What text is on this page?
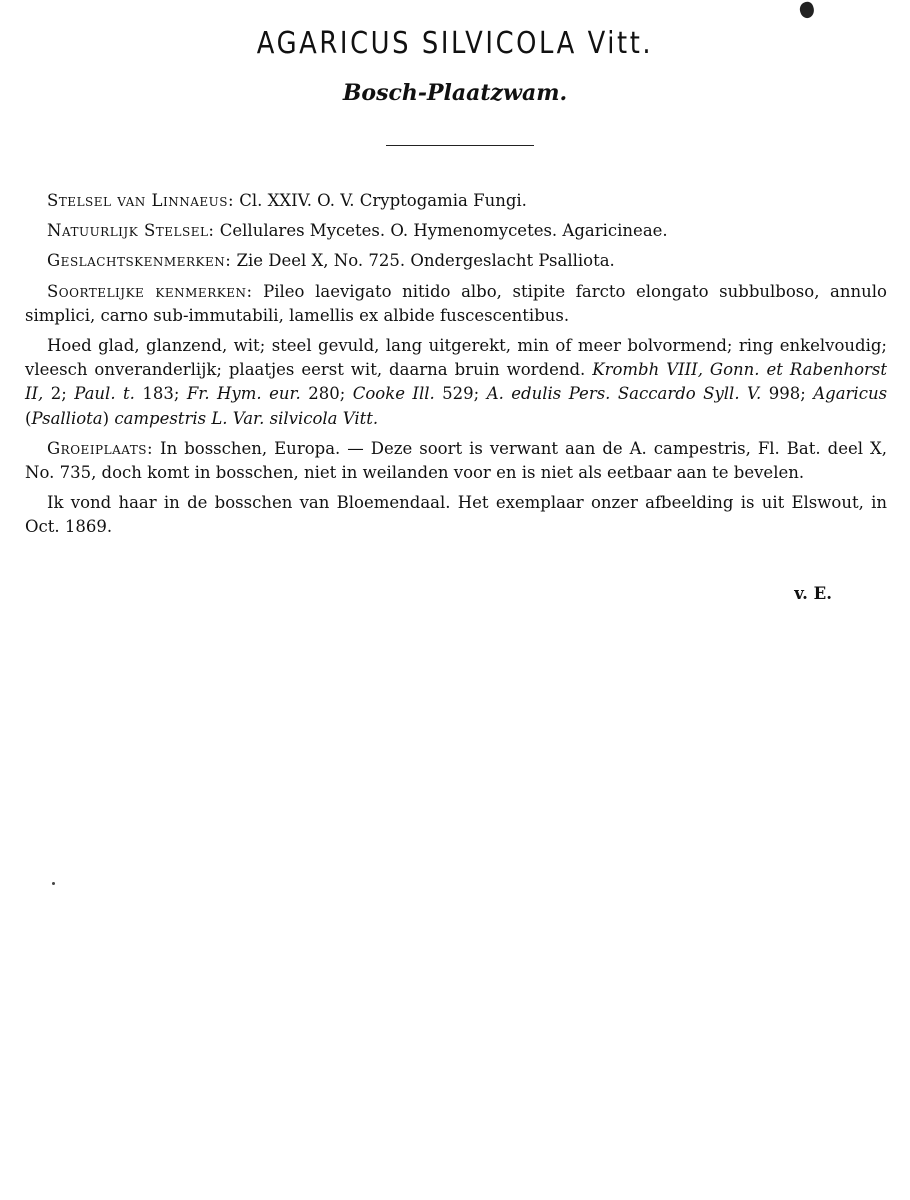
AGARICUS SILVICOLA Vitt.
Bosch-Plaatzwam.

Stelsel van Linnaeus: Cl. XXIV. O. V. Cryptogamia Fungi.

Natuurlijk Stelsel: Cellulares Mycetes. O. Hymenomycetes. Agaricineae.

Geslachtskenmerken: Zie Deel X, No. 725. Ondergeslacht Psalliota.

Soortelijke kenmerken: Pileo laevigato nitido albo, stipite farcto elongato subbulboso, annulo simplici, carno sub-immutabili, lamellis ex albide fuscescentibus.

Hoed glad, glanzend, wit; steel gevuld, lang uitgerekt, min of meer bolvormend; ring enkelvoudig; vleesch onveranderlijk; plaatjes eerst wit, daarna bruin wordend. Krombh VIII, Gonn. et Rabenhorst II, 2; Paul. t. 183; Fr. Hym. eur. 280; Cooke Ill. 529; A. edulis Pers. Saccardo Syll. V. 998; Agaricus (Psalliota) campestris L. Var. silvicola Vitt.

Groeiplaats: In bosschen, Europa. — Deze soort is verwant aan de A. campestris, Fl. Bat. deel X, No. 735, doch komt in bosschen, niet in weilanden voor en is niet als eetbaar aan te bevelen.

Ik vond haar in de bosschen van Bloemendaal. Het exemplaar onzer afbeelding is uit Elswout, in Oct. 1869.

v. E.
